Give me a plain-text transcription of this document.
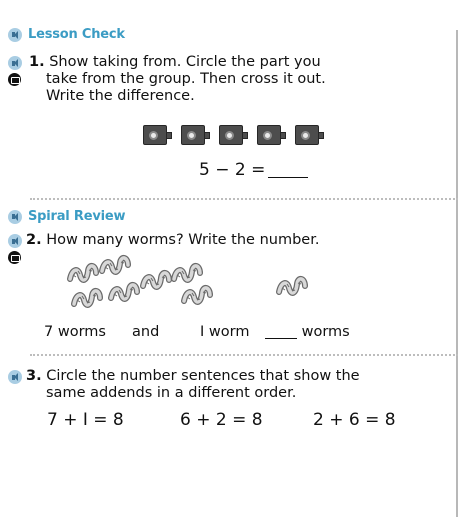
Lesson Check
1. Show taking from. Circle the part you
take from the group. Then cross it out.
Write the difference.
5 − 2 =
Spiral Review
2. How many worms? Write the number.
7 worms and	I worm	worms
3. Circle the number sentences that show the
same addends in a different order.
7 + I = 8	6 + 2 = 8	2 + 6 = 8
